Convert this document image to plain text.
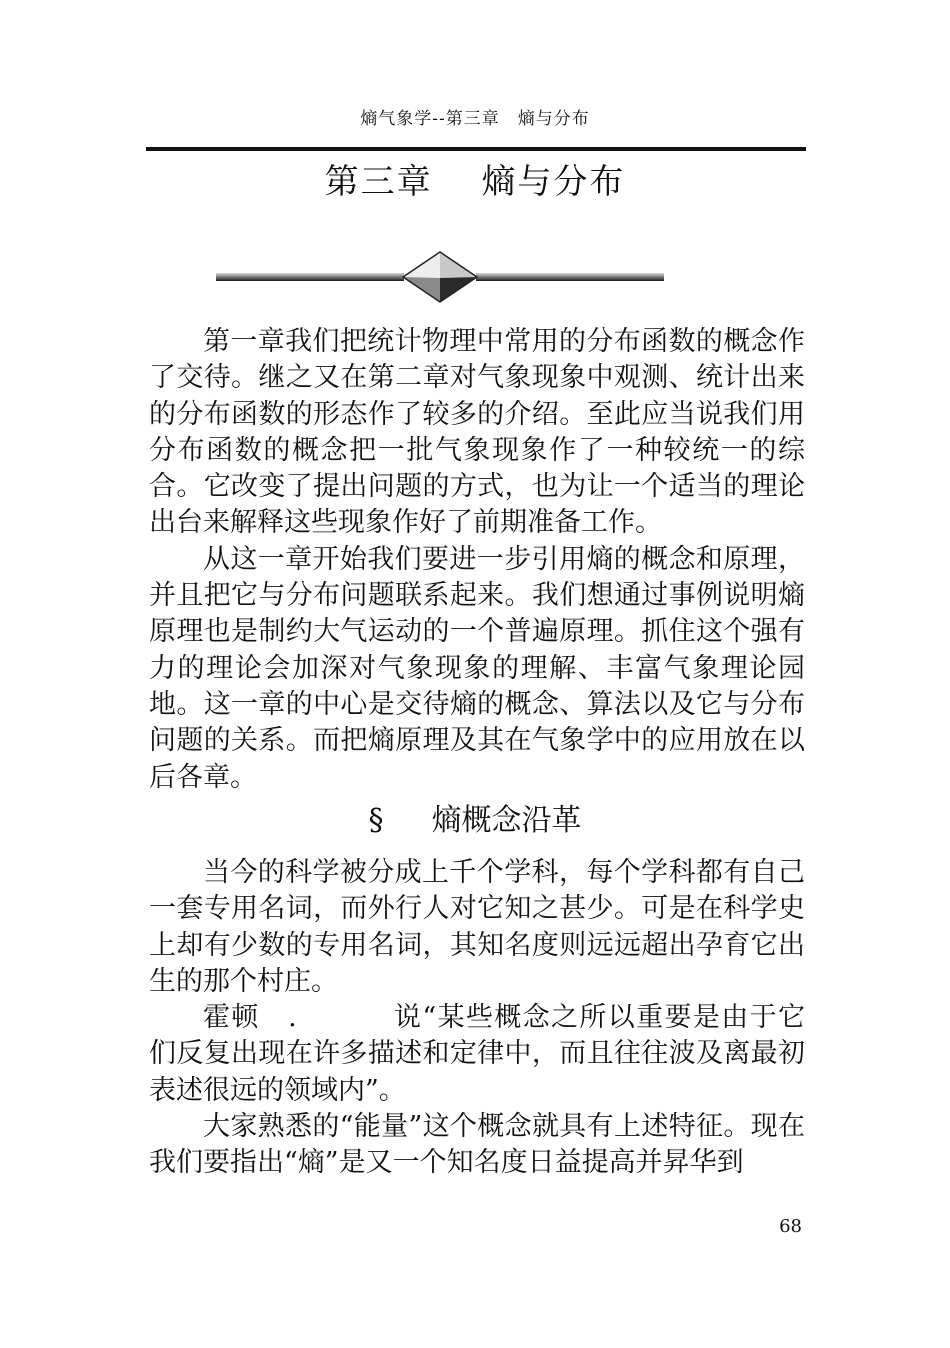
熵气象学--第三章　熵与分布
第三章　 熵与分布

第一章我们把统计物理中常用的分布函数的概念作了交待。继之又在第二章对气象现象中观测、统计出来的分布函数的形态作了较多的介绍。至此应当说我们用分布函数的概念把一批气象现象作了一种较统一的综合。它改变了提出问题的方式，也为让一个适当的理论出台来解释这些现象作好了前期准备工作。

从这一章开始我们要进一步引用熵的概念和原理，并且把它与分布问题联系起来。我们想通过事例说明熵原理也是制约大气运动的一个普遍原理。抓住这个强有力的理论会加深对气象现象的理解、丰富气象理论园地。这一章的中心是交待熵的概念、算法以及它与分布问题的关系。而把熵原理及其在气象学中的应用放在以后各章。

§ 熵概念沿革

当今的科学被分成上千个学科，每个学科都有自己一套专用名词，而外行人对它知之甚少。可是在科学史上却有少数的专用名词，其知名度则远远超出孕育它出生的那个村庄。

霍顿　.	说“某些概念之所以重要是由于它们反复出现在许多描述和定律中，而且往往波及离最初表述很远的领域内”。

大家熟悉的“能量”这个概念就具有上述特征。现在我们要指出“熵”是又一个知名度日益提高并昇华到

68
